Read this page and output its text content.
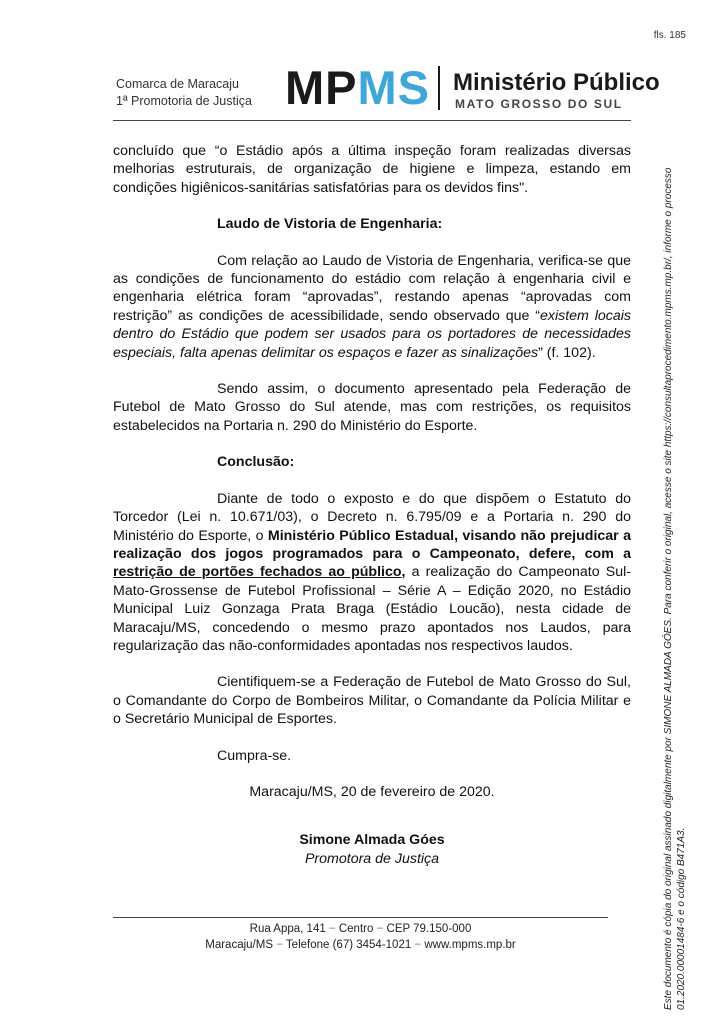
fls. 185
Comarca de Maracaju
1ª Promotoria de Justiça MPMS Ministério Público
MATO GROSSO DO SUL

concluído que “o Estádio após a última inspeção foram realizadas diversas melhorias estruturais, de organização de higiene e limpeza, estando em condições higiênicos-sanitárias satisfatórias para os devidos fins".

Laudo de Vistoria de Engenharia:

Com relação ao Laudo de Vistoria de Engenharia, verifica-se que as condições de funcionamento do estádio com relação à engenharia civil e engenharia elétrica foram “aprovadas”, restando apenas “aprovadas com restrição” as condições de acessibilidade, sendo observado que “existem locais dentro do Estádio que podem ser usados para os portadores de necessidades especiais, falta apenas delimitar os espaços e fazer as sinalizações” (f. 102).

Sendo assim, o documento apresentado pela Federação de Futebol de Mato Grosso do Sul atende, mas com restrições, os requisitos estabelecidos na Portaria n. 290 do Ministério do Esporte.

Conclusão:

Diante de todo o exposto e do que dispõem o Estatuto do Torcedor (Lei n. 10.671/03), o Decreto n. 6.795/09 e a Portaria n. 290 do Ministério do Esporte, o Ministério Público Estadual, visando não prejudicar a realização dos jogos programados para o Campeonato, defere, com a restrição de portões fechados ao público, a realização do Campeonato Sul-Mato-Grossense de Futebol Profissional – Série A – Edição 2020, no Estádio Municipal Luiz Gonzaga Prata Braga (Estádio Loucão), nesta cidade de Maracaju/MS, concedendo o mesmo prazo apontados nos Laudos, para regularização das não-conformidades apontadas nos respectivos laudos.

Cientifiquem-se a Federação de Futebol de Mato Grosso do Sul, o Comandante do Corpo de Bombeiros Militar, o Comandante da Polícia Militar e o Secretário Municipal de Esportes.

Cumpra-se.

Maracaju/MS, 20 de fevereiro de 2020.

Simone Almada Góes

Promotora de Justiça	Este documento é cópia do original assinado digitalmente por SIMONE ALMADA GÓES. Para conferir o original, acesse o site https://consultaprocedimento.mpms.mp.br/, informe o processo 01.2020.00001484-6 e o código B471A3.
Rua Appa, 141 − Centro − CEP 79.150-000
Maracaju/MS − Telefone (67) 3454-1021 − www.mpms.mp.br
